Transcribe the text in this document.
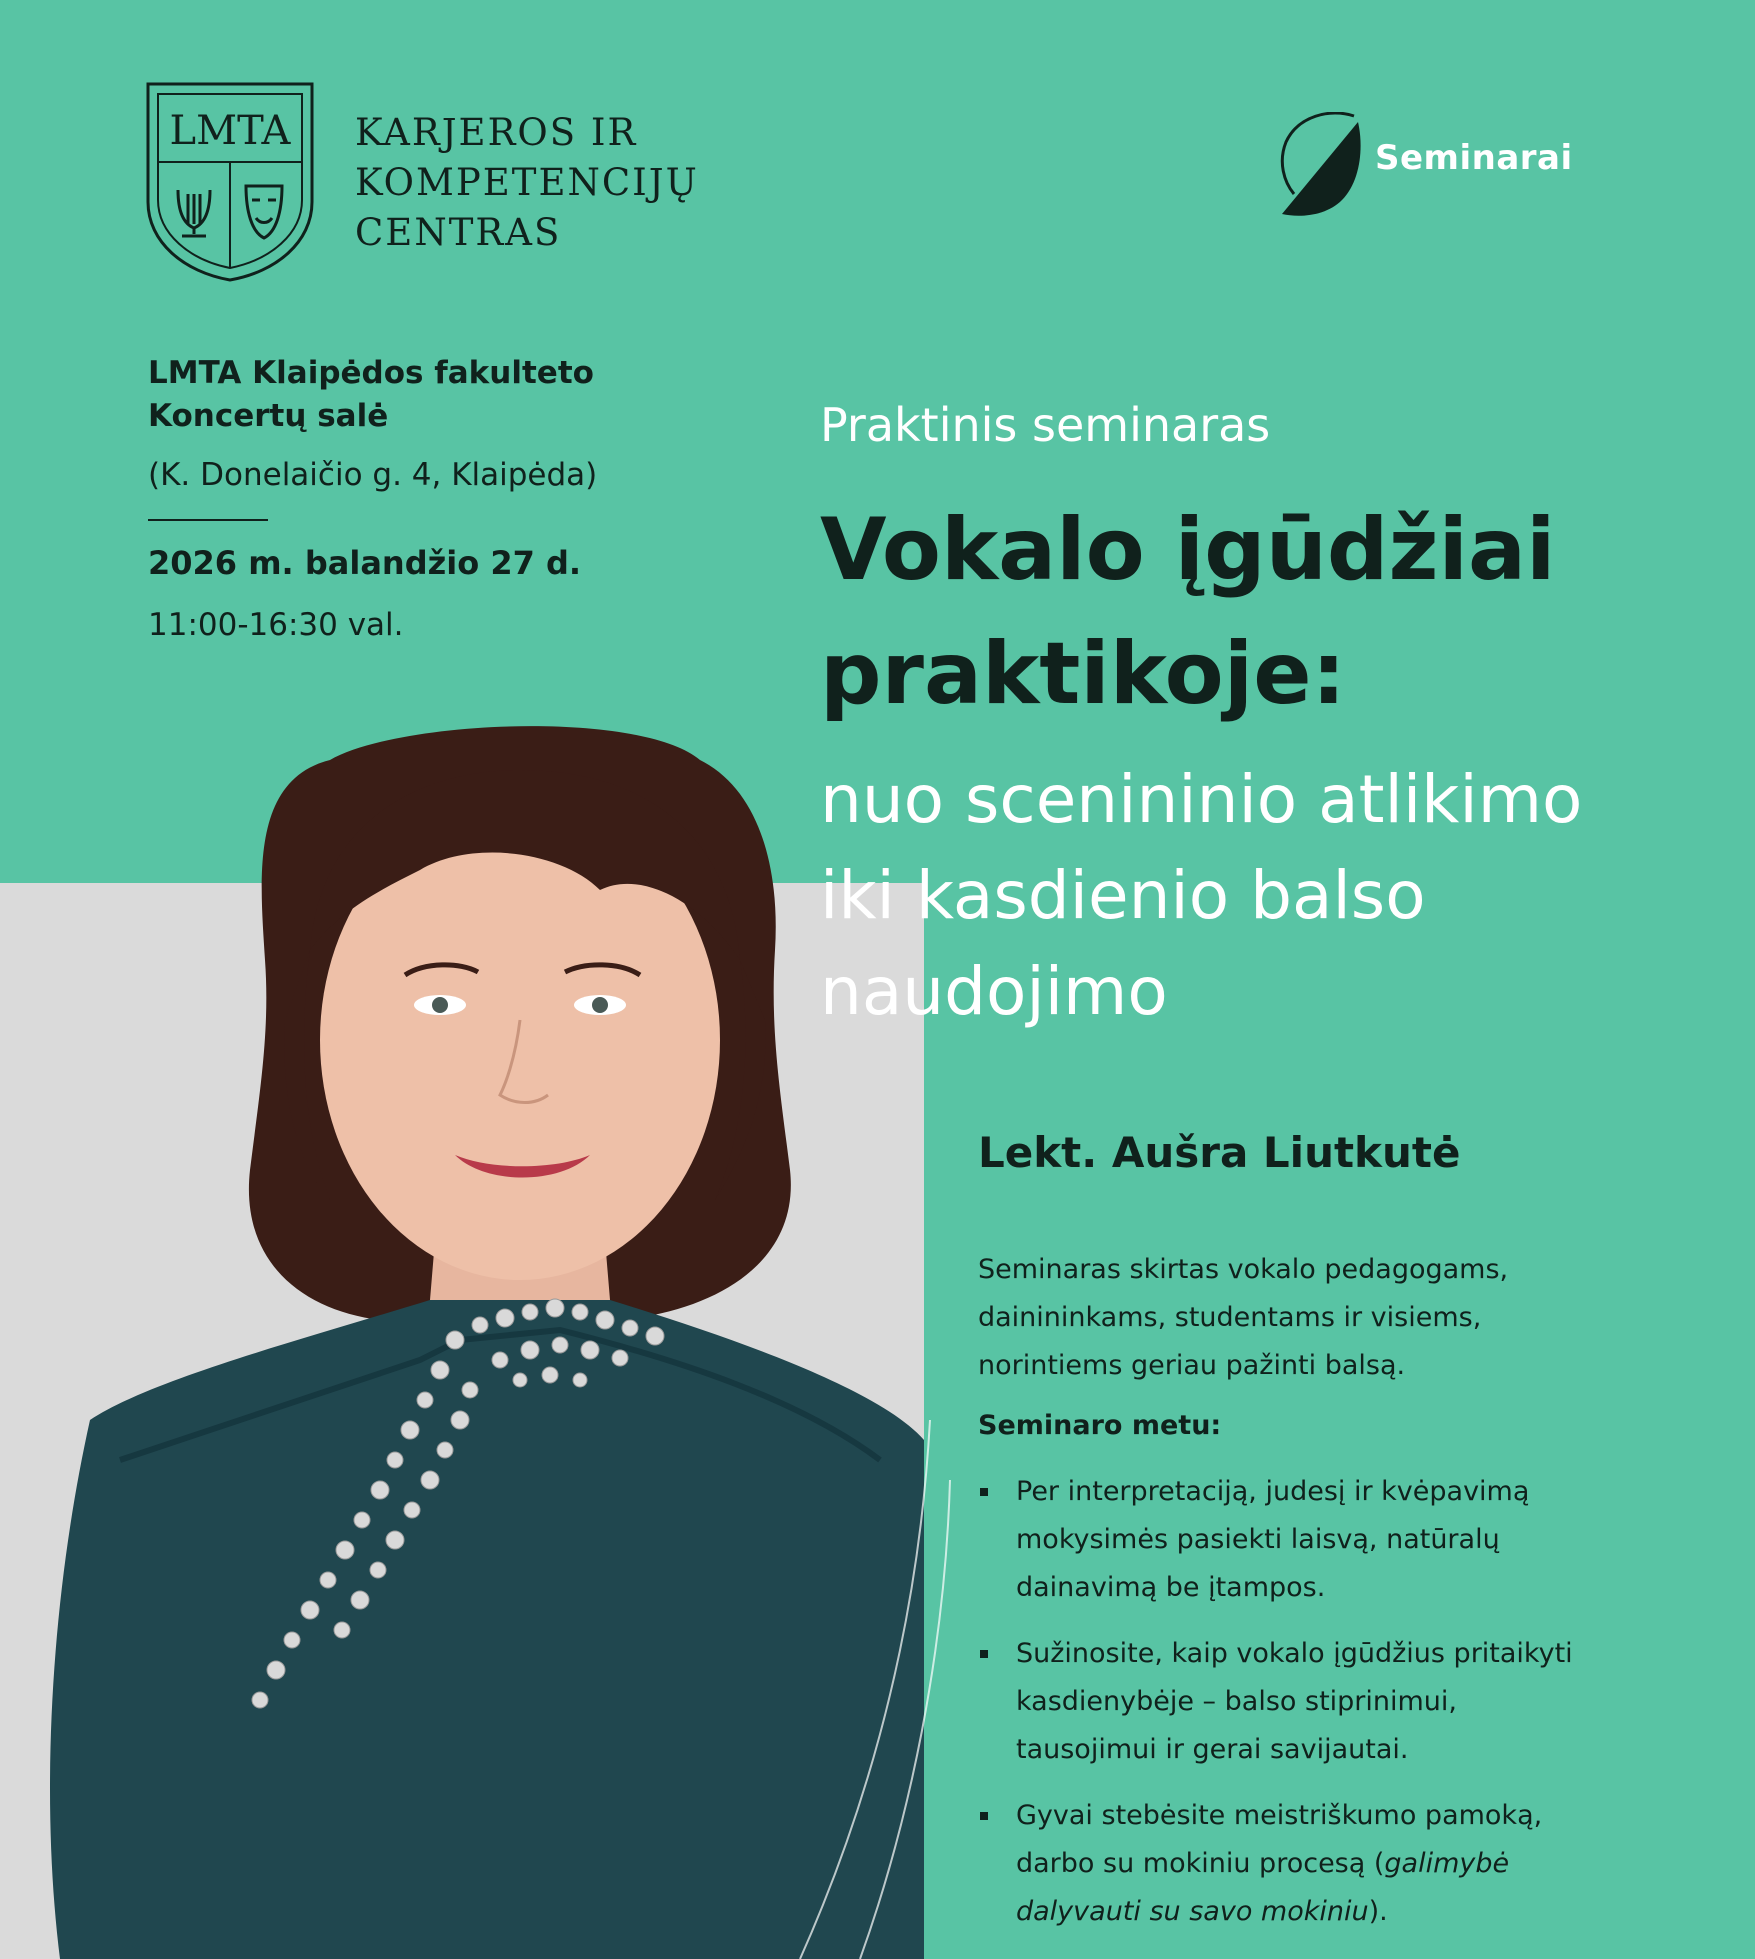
LMTA KARJEROS IR
KOMPETENCIJŲ
CENTRAS
Seminarai
LMTA Klaipėdos fakulteto
Koncertų salė
(K. Donelaičio g. 4, Klaipėda)
2026 m. balandžio 27 d.
11:00-16:30 val.
Praktinis seminaras
Vokalo įgūdžiai
praktikoje:
nuo scenininio atlikimo
iki kasdienio balso
naudojimo
Lekt. Aušra Liutkutė
Seminaras skirtas vokalo pedagogams,
dainininkams, studentams ir visiems,
norintiems geriau pažinti balsą.
Seminaro metu:
Per interpretaciją, judesį ir kvėpavimą
mokysimės pasiekti laisvą, natūralų
dainavimą be įtampos.
Sužinosite, kaip vokalo įgūdžius pritaikyti
kasdienybėje – balso stiprinimui,
tausojimui ir gerai savijautai.
Gyvai stebėsite meistriškumo pamoką,
darbo su mokiniu procesą (galimybė
dalyvauti su savo mokiniu).
